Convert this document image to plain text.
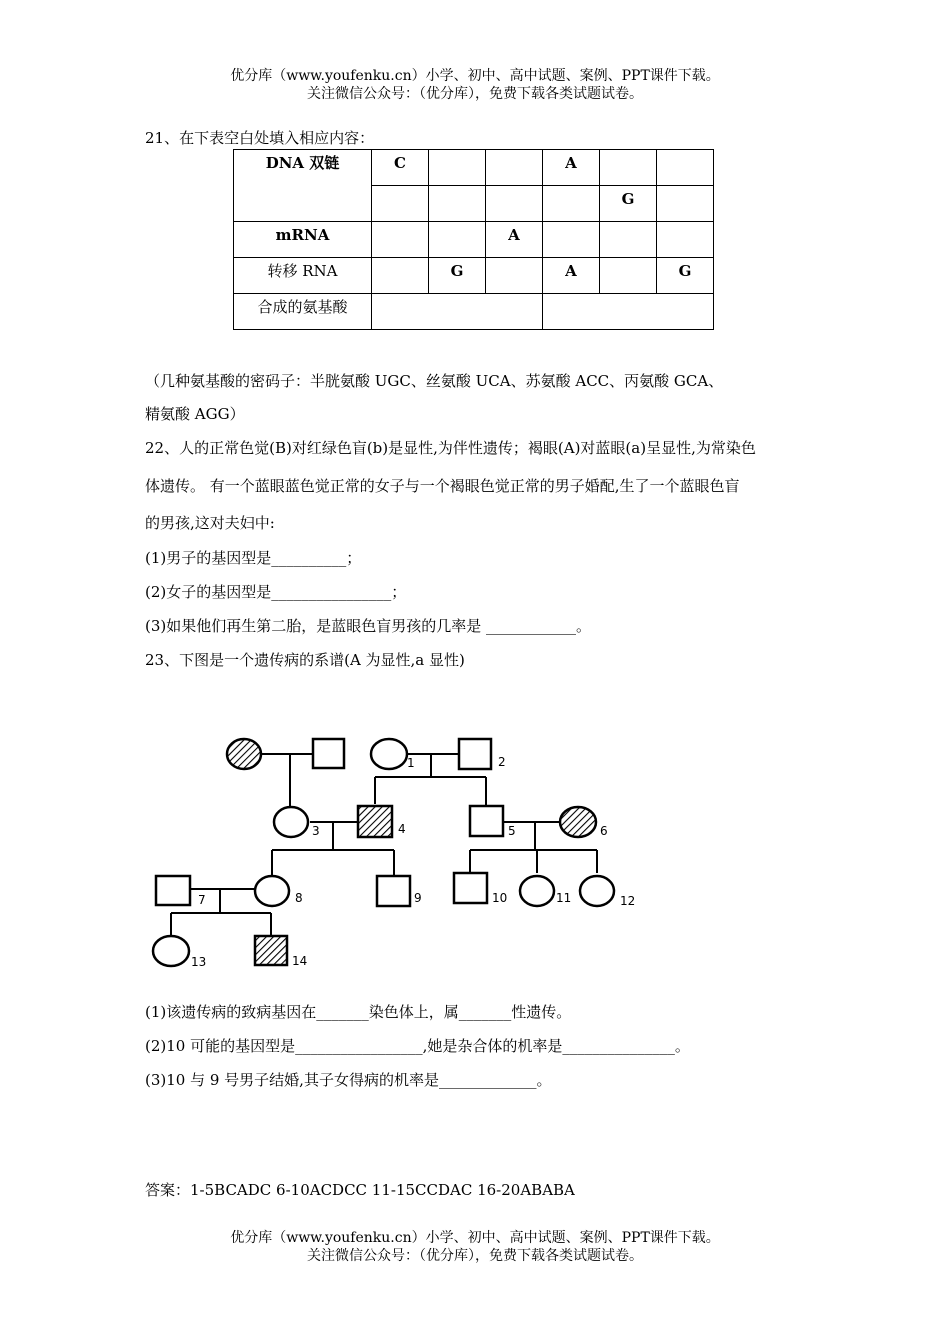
优分库（www.youfenku.cn）小学、初中、高中试题、案例、PPT课件下载。
关注微信公众号：（优分库），免费下载各类试题试卷。
21、在下表空白处填入相应内容：
DNA 双链	C			A		
					G	
mRNA			A			
转移 RNA		G		A		G
合成的氨基酸						
（几种氨基酸的密码子：半胱氨酸 UGC、丝氨酸 UCA、苏氨酸 ACC、丙氨酸 GCA、
精氨酸 AGG）
22、人的正常色觉(B)对红绿色盲(b)是显性,为伴性遗传；褐眼(A)对蓝眼(a)呈显性,为常染色
体遗传。 有一个蓝眼蓝色觉正常的女子与一个褐眼色觉正常的男子婚配,生了一个蓝眼色盲
的男孩,这对夫妇中:
(1)男子的基因型是__________；
(2)女子的基因型是________________；
(3)如果他们再生第二胎，是蓝眼色盲男孩的几率是 ____________。
23、下图是一个遗传病的系谱(A 为显性,a 显性)
1	2
3	4	5	6
7	8	9	10	11	12
13	14
(1)该遗传病的致病基因在_______染色体上，属_______性遗传。
(2)10 可能的基因型是_________________,她是杂合体的机率是_______________。
(3)10 与 9 号男子结婚,其子女得病的机率是_____________。
答案：1-5BCADC 6-10ACDCC 11-15CCDAC 16-20ABABA
优分库（www.youfenku.cn）小学、初中、高中试题、案例、PPT课件下载。
关注微信公众号：（优分库），免费下载各类试题试卷。
